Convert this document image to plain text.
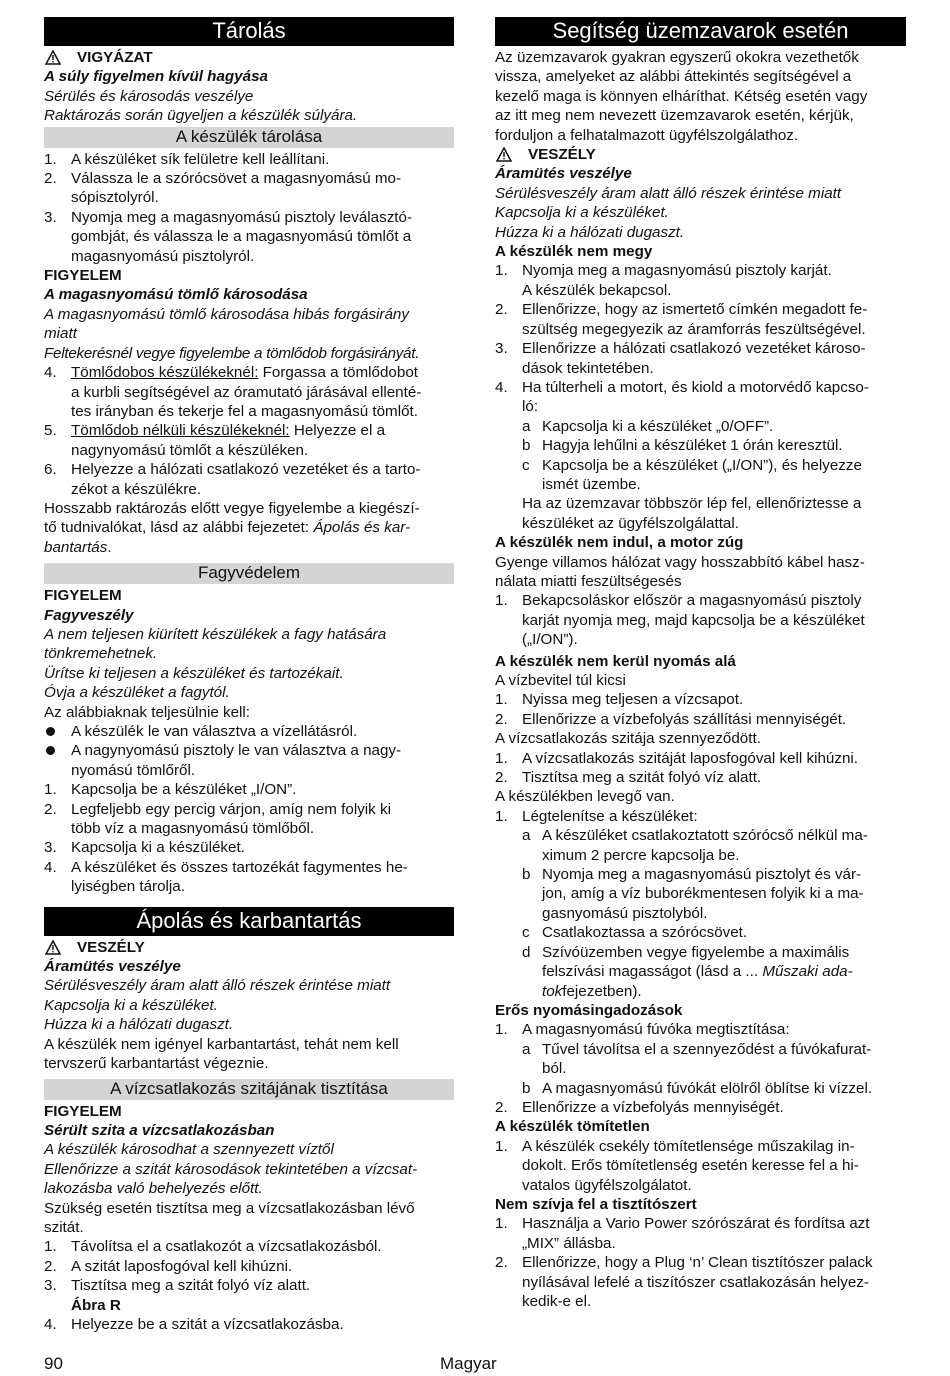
Tárolás
VIGYÁZAT
A súly figyelmen kívül hagyása
Sérülés és károsodás veszélye
Raktározás során ügyeljen a készülék súlyára.
A készülék tárolása
1. A készüléket sík felületre kell leállítani.
2. Válassza le a szórócsövet a magasnyomású mo-
sópisztolyról.
3. Nyomja meg a magasnyomású pisztoly leválasztó-
gombját, és válassza le a magasnyomású tömlőt a
magasnyomású pisztolyról.
FIGYELEM
A magasnyomású tömlő károsodása
A magasnyomású tömlő károsodása hibás forgásirány
miatt
Feltekerésnél vegye figyelembe a tömlődob forgásirányát.
4. Tömlődobos készülékeknél: Forgassa a tömlődobot
a kurbli segítségével az óramutató járásával ellenté-
tes irányban és tekerje fel a magasnyomású tömlőt.
5. Tömlődob nélküli készülékeknél: Helyezze el a
nagynyomású tömlőt a készüléken.
6. Helyezze a hálózati csatlakozó vezetéket és a tarto-
zékot a készülékre.
Hosszabb raktározás előtt vegye figyelembe a kiegészí-
tő tudnivalókat, lásd az alábbi fejezetet: Ápolás és kar-
bantartás.
Fagyvédelem
FIGYELEM
Fagyveszély
A nem teljesen kiürített készülékek a fagy hatására
tönkremehetnek.
Ürítse ki teljesen a készüléket és tartozékait.
Óvja a készüléket a fagytól.
Az alábbiaknak teljesülnie kell:
A készülék le van választva a vízellátásról.
A nagynyomású pisztoly le van választva a nagy-
nyomású tömlőről.
1. Kapcsolja be a készüléket „I/ON”.
2. Legfeljebb egy percig várjon, amíg nem folyik ki
több víz a magasnyomású tömlőből.
3. Kapcsolja ki a készüléket.
4. A készüléket és összes tartozékát fagymentes he-
lyiségben tárolja.
Ápolás és karbantartás
VESZÉLY
Áramütés veszélye
Sérülésveszély áram alatt álló részek érintése miatt
Kapcsolja ki a készüléket.
Húzza ki a hálózati dugaszt.
A készülék nem igényel karbantartást, tehát nem kell
tervszerű karbantartást végeznie.
A vízcsatlakozás szitájának tisztítása
FIGYELEM
Sérült szita a vízcsatlakozásban
A készülék károsodhat a szennyezett víztől
Ellenőrizze a szitát károsodások tekintetében a vízcsat-
lakozásba való behelyezés előtt.
Szükség esetén tisztítsa meg a vízcsatlakozásban lévő
szitát.
1. Távolítsa el a csatlakozót a vízcsatlakozásból.
2. A szitát laposfogóval kell kihúzni.
3. Tisztítsa meg a szitát folyó víz alatt.
Ábra R
4. Helyezze be a szitát a vízcsatlakozásba.
Segítség üzemzavarok esetén
Az üzemzavarok gyakran egyszerű okokra vezethetők
vissza, amelyeket az alábbi áttekintés segítségével a
kezelő maga is könnyen elháríthat. Kétség esetén vagy
az itt meg nem nevezett üzemzavarok esetén, kérjük,
forduljon a felhatalmazott ügyfélszolgálathoz.
VESZÉLY
Áramütés veszélye
Sérülésveszély áram alatt álló részek érintése miatt
Kapcsolja ki a készüléket.
Húzza ki a hálózati dugaszt.
A készülék nem megy
1. Nyomja meg a magasnyomású pisztoly karját.
A készülék bekapcsol.
2. Ellenőrizze, hogy az ismertető címkén megadott fe-
szültség megegyezik az áramforrás feszültségével.
3. Ellenőrizze a hálózati csatlakozó vezetéket károso-
dások tekintetében.
4. Ha túlterheli a motort, és kiold a motorvédő kapcso-
ló:
a Kapcsolja ki a készüléket „0/OFF”.
b Hagyja lehűlni a készüléket 1 órán keresztül.
c Kapcsolja be a készüléket („I/ON”), és helyezze
ismét üzembe.
Ha az üzemzavar többször lép fel, ellenőriztesse a
készüléket az ügyfélszolgálattal.
A készülék nem indul, a motor zúg
Gyenge villamos hálózat vagy hosszabbító kábel hasz-
nálata miatti feszültségesés
1. Bekapcsoláskor először a magasnyomású pisztoly
karját nyomja meg, majd kapcsolja be a készüléket
(„I/ON”).
A készülék nem kerül nyomás alá
A vízbevitel túl kicsi
1. Nyissa meg teljesen a vízcsapot.
2. Ellenőrizze a vízbefolyás szállítási mennyiségét.
A vízcsatlakozás szitája szennyeződött.
1. A vízcsatlakozás szitáját laposfogóval kell kihúzni.
2. Tisztítsa meg a szitát folyó víz alatt.
A készülékben levegő van.
1. Légtelenítse a készüléket:
a A készüléket csatlakoztatott szórócső nélkül ma-
ximum 2 percre kapcsolja be.
b Nyomja meg a magasnyomású pisztolyt és vár-
jon, amíg a víz buborékmentesen folyik ki a ma-
gasnyomású pisztolyból.
c Csatlakoztassa a szórócsövet.
d Szívóüzemben vegye figyelembe a maximális
felszívási magasságot (lásd a ... Műszaki ada-
tokfejezetben).
Erős nyomásingadozások
1. A magasnyomású fúvóka megtisztítása:
a Tűvel távolítsa el a szennyeződést a fúvókafurat-
ból.
b A magasnyomású fúvókát elölről öblítse ki vízzel.
2. Ellenőrizze a vízbefolyás mennyiségét.
A készülék tömítetlen
1. A készülék csekély tömítetlensége műszakilag in-
dokolt. Erős tömítetlenség esetén keresse fel a hi-
vatalos ügyfélszolgálatot.
Nem szívja fel a tisztítószert
1. Használja a Vario Power szórószárat és fordítsa azt
„MIX” állásba.
2. Ellenőrizze, hogy a Plug ‘n’ Clean tisztítószer palack
nyílásával lefelé a tiszítószer csatlakozásán helyez-
kedik-e el.
90	Magyar
